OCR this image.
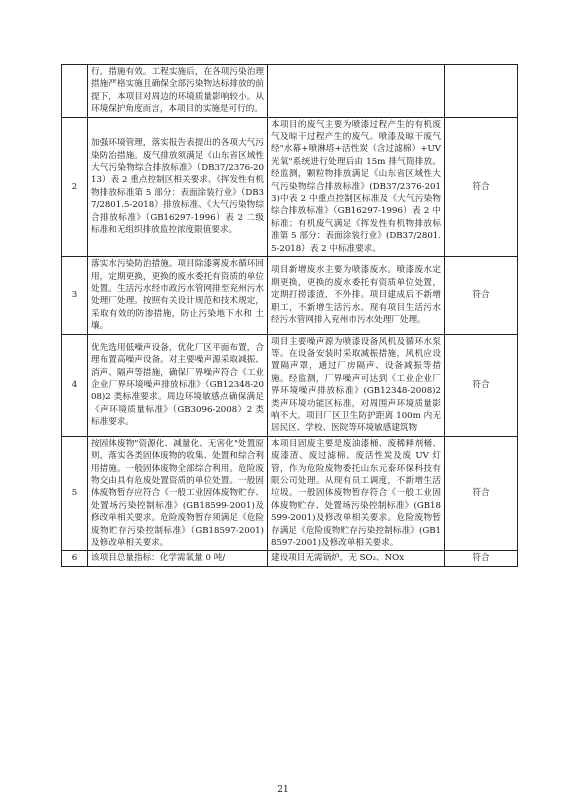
	行，措施有效。工程实施后，在各项污染治理措施严格实施且确保全部污染物达标排放的前提下，本项目对周边的环境质量影响较小。从环境保护角度而言，本项目的实施是可行的。		
2	加强环境管理，落实报告表提出的各项大气污染防治措施。废气排放须满足《山东省区域性大气污染物综合排放标准》（DB37/2376-2013）表 2 重点控制区相关要求、《挥发性有机物排放标准第 5 部分：表面涂装行业》（DB37/2801.5-2018）排放标准、《大气污染物综合排放标准》（GB16297-1996）表 2 二级标准和无组织排放监控浓度限值要求。	本项目的废气主要为喷漆过程产生的有机废气及晾干过程产生的废气。喷漆及晾干废气经"水幕+喷淋塔+活性炭（含过滤棉）+UV 光氧"系统进行处理后由 15m 排气筒排放。经监测，颗粒物排放满足《山东省区域性大气污染物综合排放标准》(DB37/2376-2013)中表 2 中重点控制区标准及《大气污染物综合排放标准》（GB16297-1996）表 2 中标准；有机废气满足《挥发性有机物排放标准第 5 部分：表面涂装行业》(DB37/2801.5-2018）表 2 中标准要求。	符合
3	落实水污染防治措施。项目除漆雾废水循环回用，定期更换，更换的废水委托有资质的单位处置。生活污水经市政污水管网排至兖州污水处理厂处理。按照有关设计规范和技术规定，采取有效的防渗措施，防止污染地下水和 土壤。	项目新增废水主要为喷漆废水。喷漆废水定期更换，更换的废水委托有资质单位处置，定期打捞漆渣，不外排。项目建成后不新增职工，不新增生活污水。现有项目生活污水经污水管网排入兖州市污水处理厂处理。	符合
4	优先选用低噪声设备，优化厂区平面布置，合理布置高噪声设备。对主要噪声源采取减振、消声、隔声等措施，确保厂界噪声符合《工业企业厂界环境噪声排放标准》（GB12348-2008)2 类标准要求。周边环境敏感点确保满足《声环境质量标准》（GB3096-2008）2 类标准要求。	项目主要噪声源为喷漆设备风机及循环水泵等。在设备安装时采取减振措施，风机应设置隔声罩，通过厂房隔声、设备减振等措施。经监测，厂界噪声可达到《工业企业厂界环境噪声排放标准》(GB12348-2008)2 类声环境功能区标准，对周围声环境质量影响不大。项目厂区卫生防护距离 100m 内无居民区、学校、医院等环境敏感建筑物	符合
5	按固体废物"资源化、减量化、无害化"处置原则，落实各类固体废物的收集、处置和综合利用措施。一般固体废物全部综合利用。危险废物交由具有危废处置资质的单位处置。一般固体废物暂存应符合《一般工业固体废物贮存、处置场污染控制标准》(GB18599-2001)及修改单相关要求。危险废物暂存须满足《危险废物贮存污染控制标准》（GB18597-2001)及修改单相关要求。	本项目固废主要是废油漆桶、废稀释剂桶、废漆渣、废过滤棉、废活性炭及废 UV 灯管，作为危险废物委托山东元泰环保科技有限公司处理。从现有员工调度，不新增生活垃圾。一般固体废物暂存符合《一般工业固体废物贮存、处置场污染控制标准》(GB18599-2001)及修改单相关要求。危险废物暂存满足《危险废物贮存污染控制标准》(GB18597-2001)及修改单相关要求。	符合
6	该项目总量指标：化学需氧量 0 吨/	建设项目无需锅炉，无 SO₂、NOx	符合
21
